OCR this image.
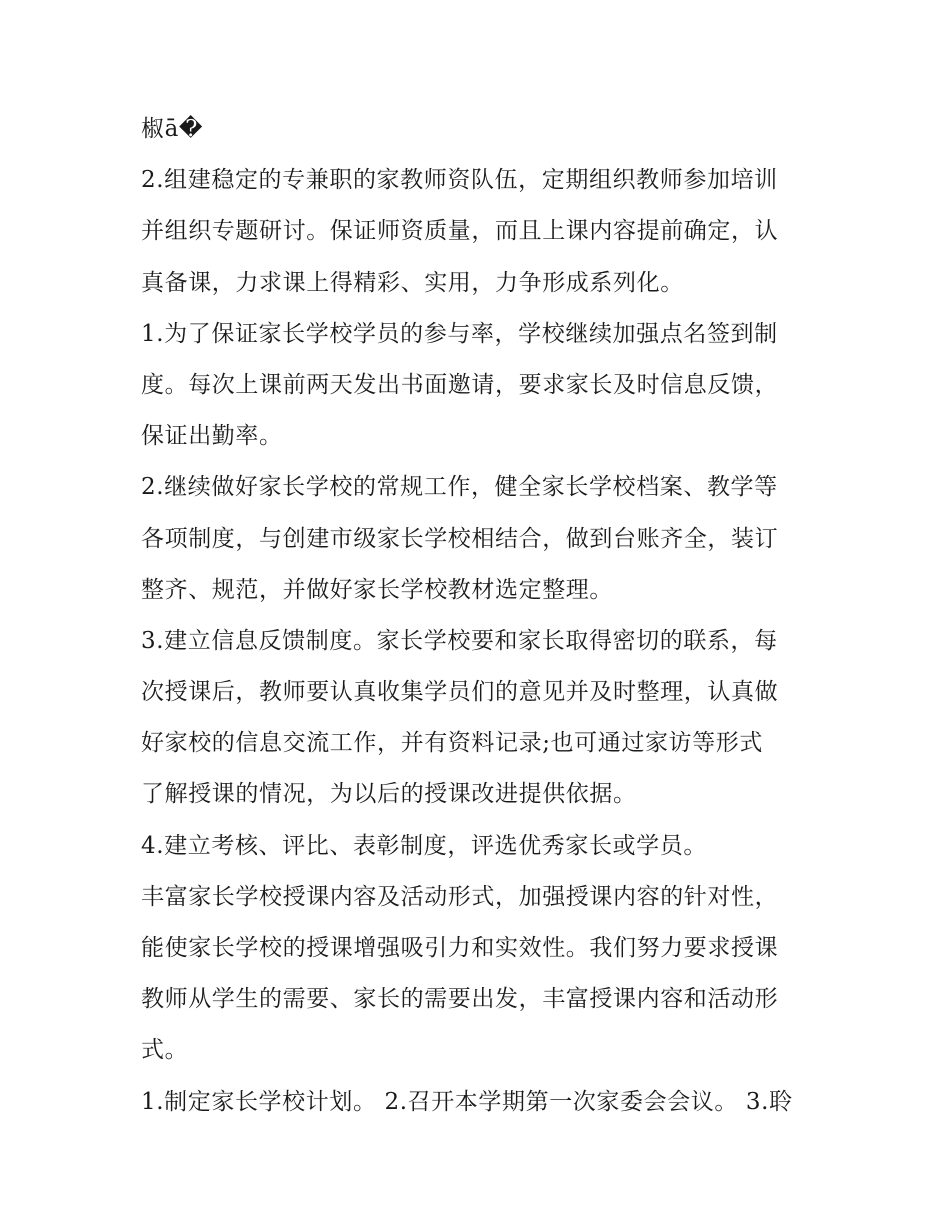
椒ā�
2.组建稳定的专兼职的家教师资队伍，定期组织教师参加培训
并组织专题研讨。保证师资质量，而且上课内容提前确定，认
真备课，力求课上得精彩、实用，力争形成系列化。
1.为了保证家长学校学员的参与率，学校继续加强点名签到制
度。每次上课前两天发出书面邀请，要求家长及时信息反馈，
保证出勤率。
2.继续做好家长学校的常规工作，健全家长学校档案、教学等
各项制度，与创建市级家长学校相结合，做到台账齐全，装订
整齐、规范，并做好家长学校教材选定整理。
3.建立信息反馈制度。家长学校要和家长取得密切的联系，每
次授课后，教师要认真收集学员们的意见并及时整理，认真做
好家校的信息交流工作，并有资料记录;也可通过家访等形式
了解授课的情况，为以后的授课改进提供依据。
4.建立考核、评比、表彰制度，评选优秀家长或学员。
丰富家长学校授课内容及活动形式，加强授课内容的针对性，
能使家长学校的授课增强吸引力和实效性。我们努力要求授课
教师从学生的需要、家长的需要出发，丰富授课内容和活动形
式。
1.制定家长学校计划。 2.召开本学期第一次家委会会议。 3.聆
